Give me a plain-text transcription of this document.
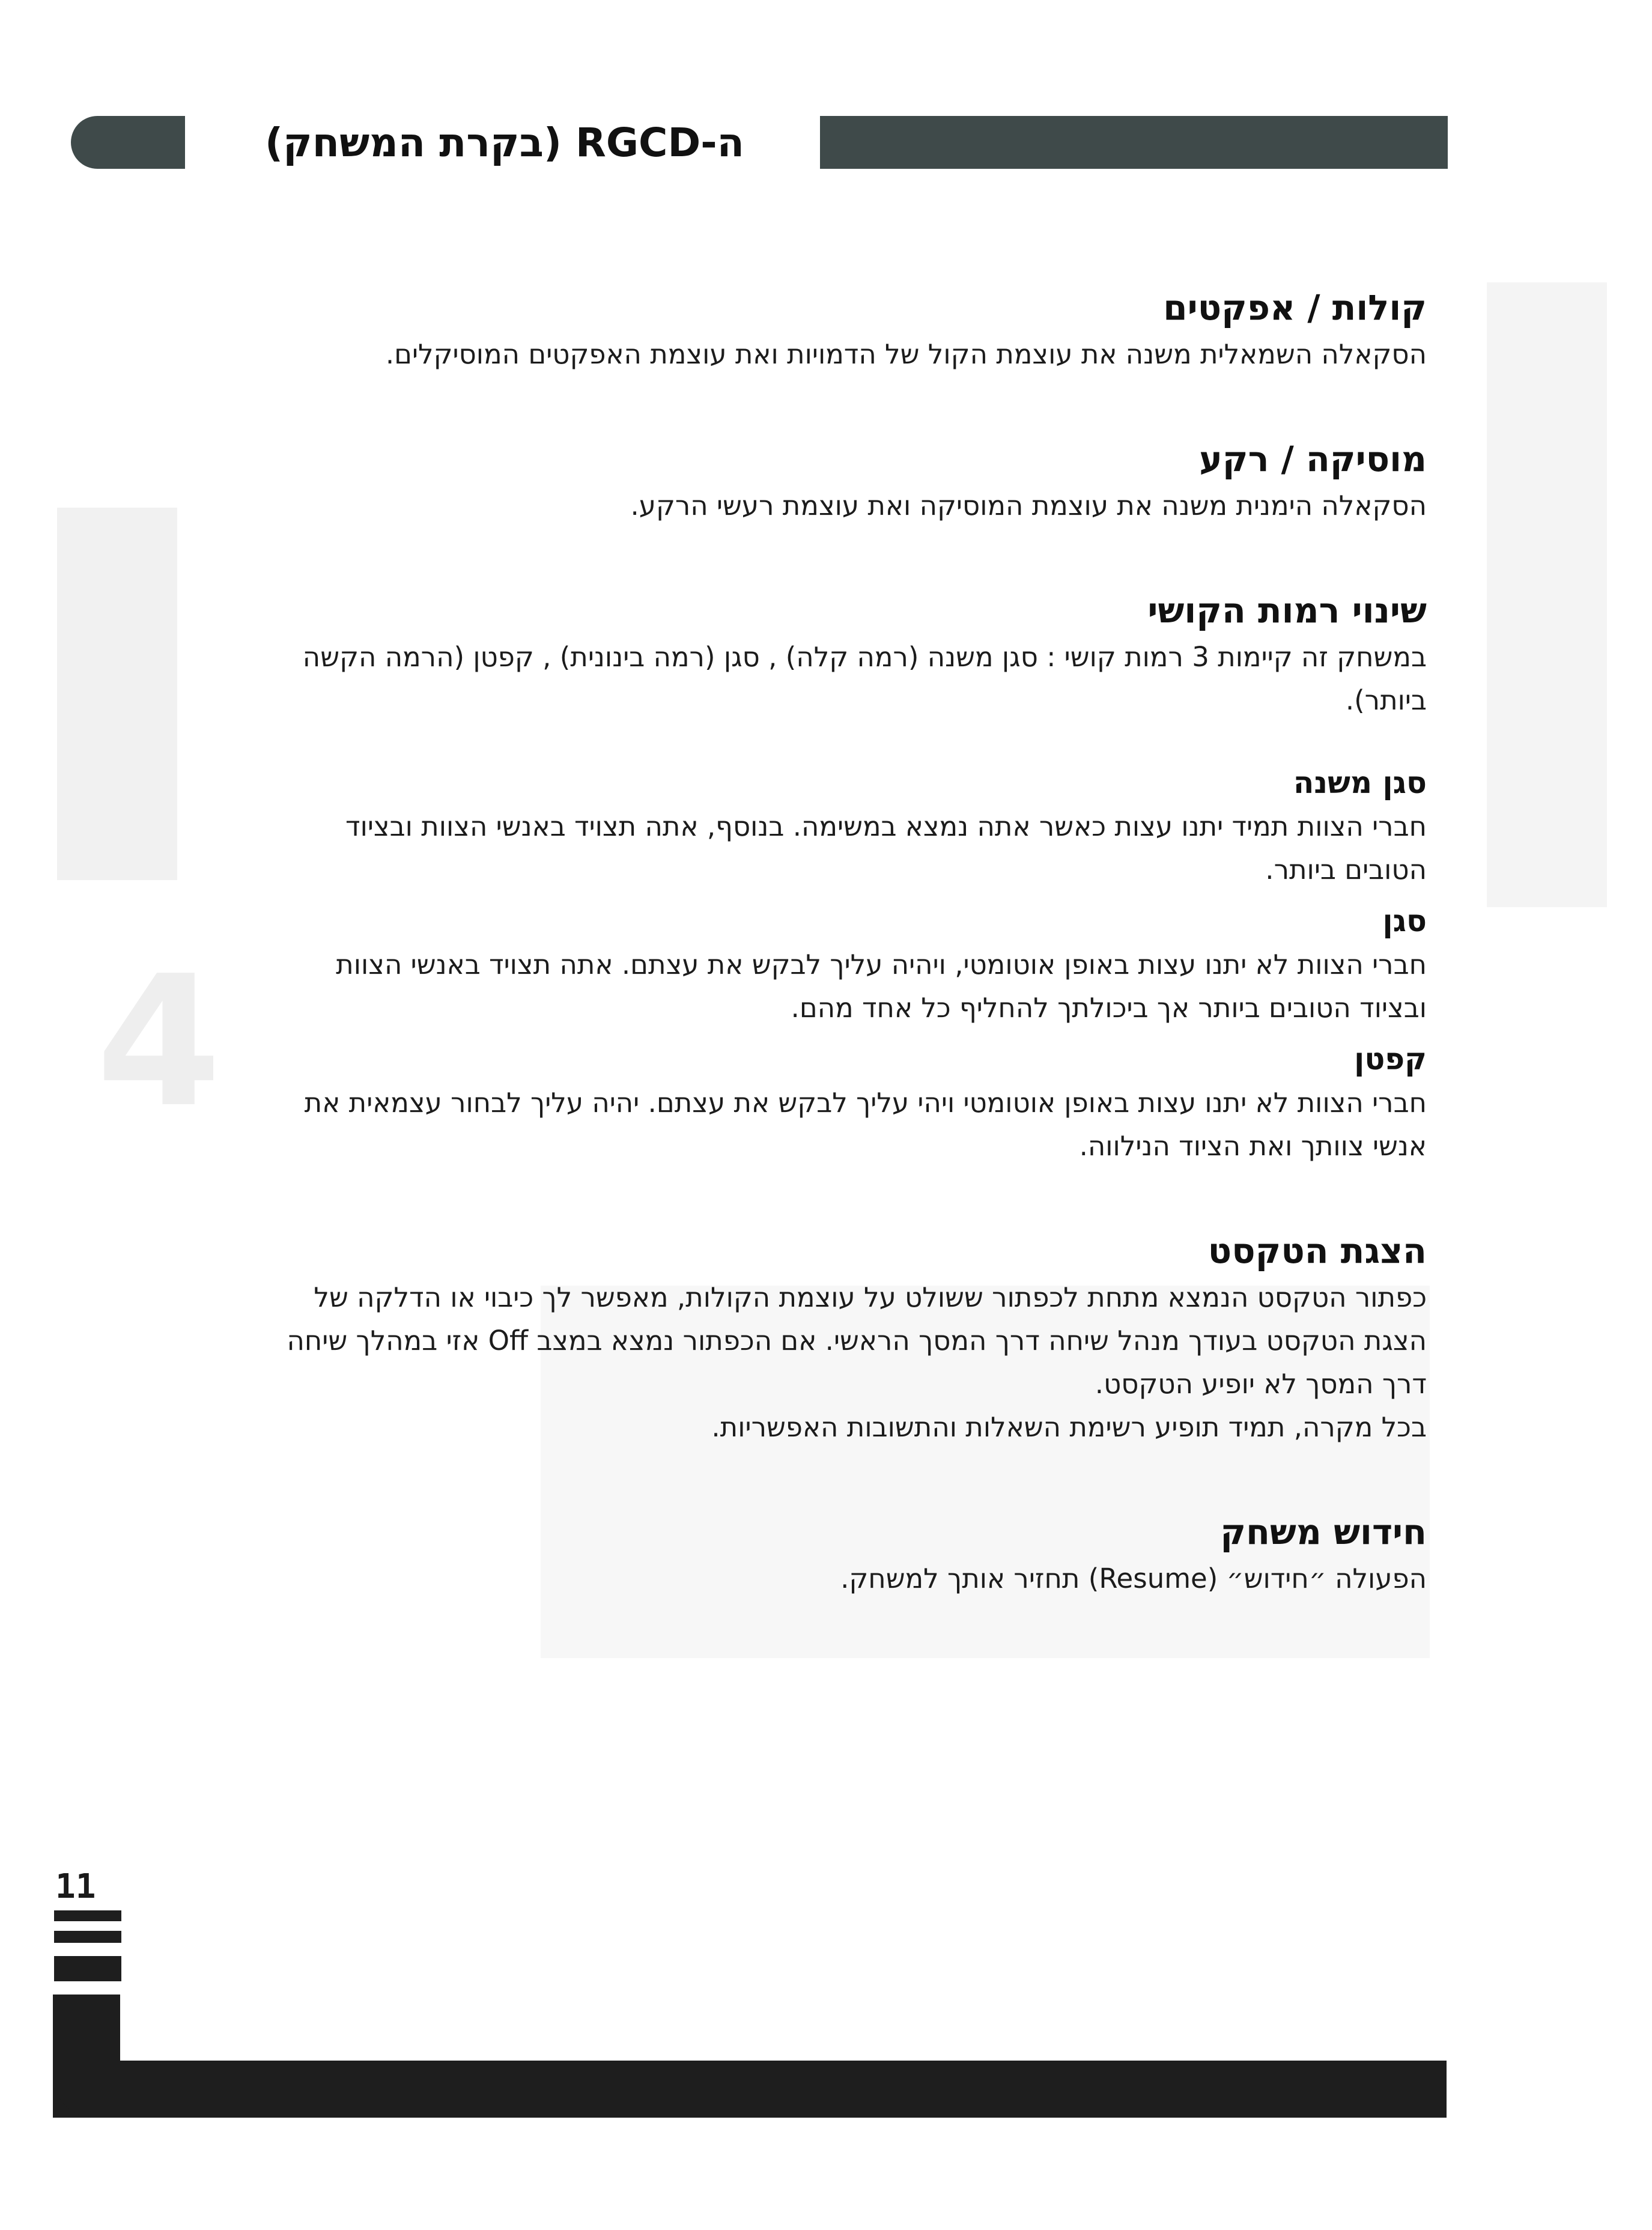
4
ה-RGCD (בקרת המשחק)
קולות / אפקטים

הסקאלה השמאלית משנה את עוצמת הקול של הדמויות ואת עוצמת האפקטים המוסיקלים.

מוסיקה / רקע

הסקאלה הימנית משנה את עוצמת המוסיקה ואת עוצמת רעשי הרקע.

שינוי רמות הקושי

במשחק זה קיימות 3 רמות קושי : סגן משנה (רמה קלה) , סגן (רמה בינונית) , קפטן (הרמה הקשה ביותר).

סגן משנה

חברי הצוות תמיד יתנו עצות כאשר אתה נמצא במשימה. בנוסף, אתה תצויד באנשי הצוות ובציוד הטובים ביותר.

סגן

חברי הצוות לא יתנו עצות באופן אוטומטי, ויהיה עליך לבקש את עצתם. אתה תצויד באנשי הצוות ובציוד הטובים ביותר אך ביכולתך להחליף כל אחד מהם.

קפטן

חברי הצוות לא יתנו עצות באופן אוטומטי ויהי עליך לבקש את עצתם. יהיה עליך לבחור עצמאית את אנשי צוותך ואת הציוד הנילווה.

הצגת הטקסט

כפתור הטקסט הנמצא מתחת לכפתור ששולט על עוצמת הקולות, מאפשר לך כיבוי או הדלקה של הצגת הטקסט בעודך מנהל שיחה דרך המסך הראשי. אם הכפתור נמצא במצב Off אזי במהלך שיחה דרך המסך לא יופיע הטקסט.

בכל מקרה, תמיד תופיע רשימת השאלות והתשובות האפשריות.

חידוש משחק

הפעולה ״חידוש״ (Resume) תחזיר אותך למשחק.

11
